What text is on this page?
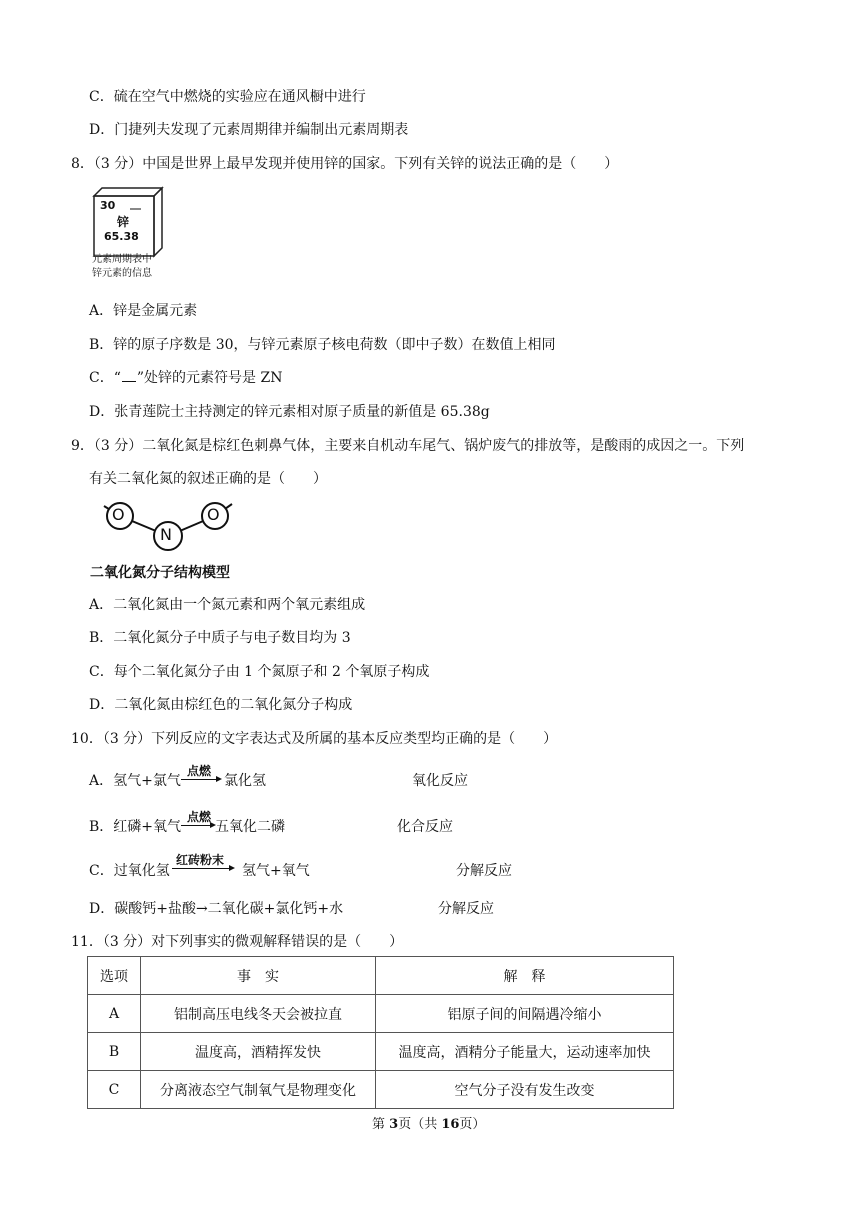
C．硫在空气中燃烧的实验应在通风橱中进行
D．门捷列夫发现了元素周期律并编制出元素周期表
8．（3 分）中国是世界上最早发现并使用锌的国家。下列有关锌的说法正确的是（　　）
30 __
锌
65.38
元素周期表中
锌元素的信息
A．锌是金属元素
B．锌的原子序数是 30，与锌元素原子核电荷数（即中子数）在数值上相同
C．“ ”处锌的元素符号是 ZN
D．张青莲院士主持测定的锌元素相对原子质量的新值是 65.38g
9．（3 分）二氧化氮是棕红色刺鼻气体，主要来自机动车尾气、锅炉废气的排放等，是酸雨的成因之一。下列
有关二氧化氮的叙述正确的是（　　）
O
N
O
二氧化氮分子结构模型
A．二氧化氮由一个氮元素和两个氧元素组成
B．二氧化氮分子中质子与电子数目均为 3
C．每个二氧化氮分子由 1 个氮原子和 2 个氧原子构成
D．二氧化氮由棕红色的二氧化氮分子构成
10．（3 分）下列反应的文字表达式及所属的基本反应类型均正确的是（　　）
A．氢气+氯气
点燃
氯化氢	氧化反应
B．红磷+氧气
点燃
五氧化二磷	化合反应
C．过氧化氢
红砖粉末
氢气+氧气	分解反应
D．碳酸钙+盐酸→二氧化碳+氯化钙+水	分解反应
11．（3 分）对下列事实的微观解释错误的是（　　）
选项	事　实	解　释
A	铝制高压电线冬天会被拉直	铝原子间的间隔遇冷缩小
B	温度高，酒精挥发快	温度高，酒精分子能量大，运动速率加快
C	分离液态空气制氧气是物理变化	空气分子没有发生改变
第 3页（共 16页）
